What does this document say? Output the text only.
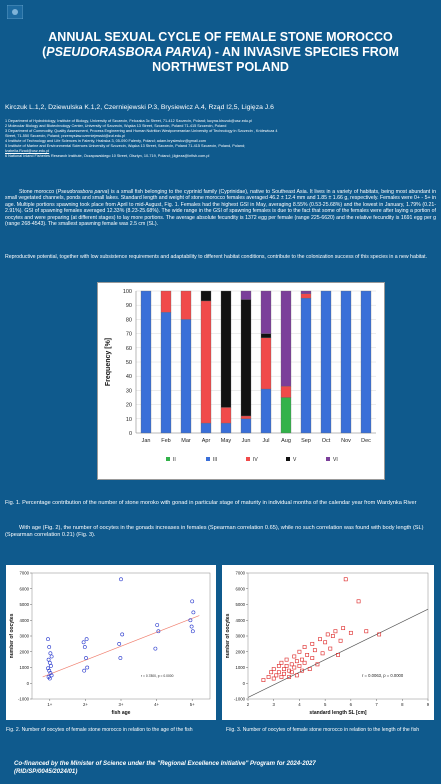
ANNUAL SEXUAL CYCLE OF FEMALE STONE MOROCCO
(PSEUDORASBORA PARVA) - AN INVASIVE SPECIES FROM
NORTHWEST POLAND
Kirczuk L.1,2, Dziewulska K.1,2, Czerniejewski P.3, Brysiewicz A.4, Rząd I2,5, Ligięza J.6
1 Department of Hydrobiology, Institute of Biology, University of Szczecin, Felczaka 3c Street, 71-412 Szczecin, Poland; lucyna.kirczuk@usz.edu.pl
2 Molecular Biology and Biotechnology Center, University of Szczecin, Wąska 13 Street, Szczecin, Poland 71-415 Szczecin, Poland
3 Department of Commodity, Quality Assessment, Process Engineering and Human Nutrition Westpomeranian University of Technology in Szczecin , Królewicza 4
Street, 71-550 Szczecin, Poland; przemyslaw.czerniejewski@zut.edu.pl
4 Institute of Technology and Life Sciences in Falenty, Hrabska 3, 05-090 Falenty, Poland; adam.brysiewicz@gmail.com
5 Institute of Marine and Environmental Sciences University of Szczecin, Wąska 13 Street, Szczecin, Poland 71-415 Szczecin, Poland, Poland;
Izabella.Rzad@usz.edu.pl
6 National Inland Fisheries Research Institute, Oczapowskiego 10 Street, Olsztyn, 10-719, Poland; j.ligieza@infish.com.pl
Stone morocco (Pseudorasbora parva) is a small fish belonging to the cyprinid family (Cyprinidae), native to Southeast Asia. It lives in a variety of habitats, being most abundant in small vegetated channels, ponds and small lakes. Standard length and weight of stone morocco females averaged 46.2 ± 12.4 mm and 1.85 ± 1.66 g, respectively. Females were 0+ - 5+ in age. Multiple portions spawning took place from April to mid-August, Fig. 1. Females had the highest GSI in May, averaging 8.55% (0.53-25.68%) and the lowest in January, 1.79% (0.21-2.91%). GSI of spawning females averaged 12.33% (8.23-25.68%). The wide range in the GSI of spawning females is due to the fact that some of the females were after laying a portion of oocytes and were preparing (at different stages) to lay more portions. The average absolute fecundity is 1372 egg per female (range 225-6620) and the relative fecundity is 1691 egg per g (range 268-4543). The smallest spawning female was 2.5 cm (SL).
Reproductive potential, together with low subsistence requirements and adaptability to different habitat conditions, contribute to the colonization success of this species in a new habitat.
0
10
20
30
40
50
60
70
80
90
100
Frequency [%]
Jan Feb Mar Apr May Jun Jul Aug Sep Oct Nov Dec
II	III	IV	V	VI
Fig. 1. Percentage contribution of the number of stone moroko with gonad in particular stage of maturity in individual months of the calendar year from Wardynka River
With age (Fig. 2), the number of oocytes in the gonads increases in females (Spearman correlation 0.65), while no such correlation was found with body length (SL) (Spearman correlation 0.21) (Fig. 3).
-1000
0
1000
2000
3000
4000
5000
6000
7000
1+	2+	3+	4+	5+
fish age
number of oocytes
r = 0.7800, p = 0.0000
-1000
0
1000
2000
3000
4000
5000
6000
7000
2	3	4	5	6	7	8	9
standard length SL [cm]
number of oocytes
r = 0.0063, p = 0.0000
Fig. 2. Number of oocytes of female stone morocco in relation to the age of the fish	Fiig. 3. Number of oocytes of female stone morocco in relation to the length of the fish
Co-financed by the Minister of Science under the "Regional Excellence Initiative" Program for 2024-2027
(RID/SP/0045/2024/01)
